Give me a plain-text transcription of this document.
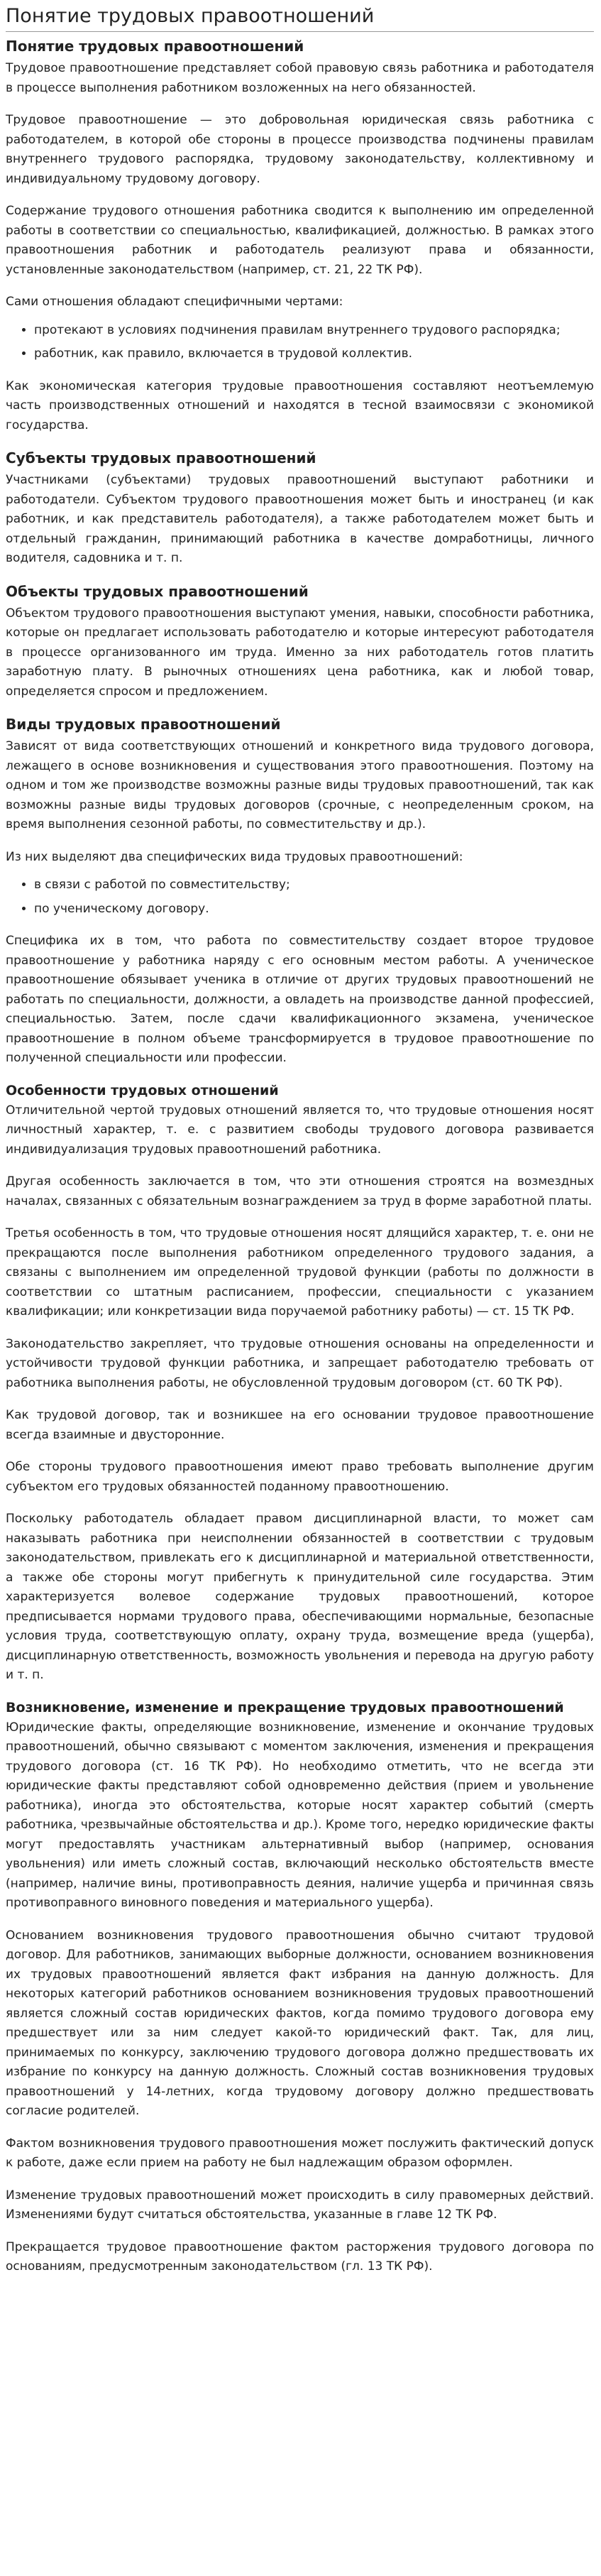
Понятие трудовых правоотношений
Понятие трудовых правоотношений

Трудовое правоотношение представляет собой правовую связь работника и работодателя в процессе выполнения работником возложенных на него обязанностей.

Трудовое правоотношение — это добровольная юридическая связь работника с работодателем, в которой обе стороны в процессе производства подчинены правилам внутреннего трудового распорядка, трудовому законодательству, коллективному и индивидуальному трудовому договору.

Содержание трудового отношения работника сводится к выполнению им определенной работы в соответствии со специальностью, квалификацией, должностью. В рамках этого правоотношения работник и работодатель реализуют права и обязанности, установленные законодательством (например, ст. 21, 22 ТК РФ).

Сами отношения обладают специфичными чертами:

• протекают в условиях подчинения правилам внутреннего трудового распорядка;
• работник, как правило, включается в трудовой коллектив.

Как экономическая категория трудовые правоотношения составляют неотъемлемую часть производственных отношений и находятся в тесной взаимосвязи с экономикой государства.

Субъекты трудовых правоотношений

Участниками (субъектами) трудовых правоотношений выступают работники и работодатели. Субъектом трудового правоотношения может быть и иностранец (и как работник, и как представитель работодателя), а также работодателем может быть и отдельный гражданин, принимающий работника в качестве домработницы, личного водителя, садовника и т. п.

Объекты трудовых правоотношений

Объектом трудового правоотношения выступают умения, навыки, способности работника, которые он предлагает использовать работодателю и которые интересуют работодателя в процессе организованного им труда. Именно за них работодатель готов платить заработную плату. В рыночных отношениях цена работника, как и любой товар, определяется спросом и предложением.

Виды трудовых правоотношений

Зависят от вида соответствующих отношений и конкретного вида трудового договора, лежащего в основе возникновения и существования этого правоотношения. Поэтому на одном и том же производстве возможны разные виды трудовых правоотношений, так как возможны разные виды трудовых договоров (срочные, с неопределенным сроком, на время выполнения сезонной работы, по совместительству и др.).

Из них выделяют два специфических вида трудовых правоотношений:

• в связи с работой по совместительству;
• по ученическому договору.

Специфика их в том, что работа по совместительству создает второе трудовое правоотношение у работника наряду с его основным местом работы. А ученическое правоотношение обязывает ученика в отличие от других трудовых правоотношений не работать по специальности, должности, а овладеть на производстве данной профессией, специальностью. Затем, после сдачи квалификационного экзамена, ученическое правоотношение в полном объеме трансформируется в трудовое правоотношение по полученной специальности или профессии.

Особенности трудовых отношений

Отличительной чертой трудовых отношений является то, что трудовые отношения носят личностный характер, т. е. с развитием свободы трудового договора развивается индивидуализация трудовых правоотношений работника.

Другая особенность заключается в том, что эти отношения строятся на возмездных началах, связанных с обязательным вознаграждением за труд в форме заработной платы.

Третья особенность в том, что трудовые отношения носят длящийся характер, т. е. они не прекращаются после выполнения работником определенного трудового задания, а связаны с выполнением им определенной трудовой функции (работы по должности в соответствии со штатным расписанием, профессии, специальности с указанием квалификации; или конкретизации вида поручаемой работнику работы) — ст. 15 ТК РФ.

Законодательство закрепляет, что трудовые отношения основаны на определенности и устойчивости трудовой функции работника, и запрещает работодателю требовать от работника выполнения работы, не обусловленной трудовым договором (ст. 60 ТК РФ).

Как трудовой договор, так и возникшее на его основании трудовое правоотношение всегда взаимные и двусторонние.

Обе стороны трудового правоотношения имеют право требовать выполнение другим субъектом его трудовых обязанностей поданному правоотношению.

Поскольку работодатель обладает правом дисциплинарной власти, то может сам наказывать работника при неисполнении обязанностей в соответствии с трудовым законодательством, привлекать его к дисциплинарной и материальной ответственности, а также обе стороны могут прибегнуть к принудительной силе государства. Этим характеризуется волевое содержание трудовых правоотношений, которое предписывается нормами трудового права, обеспечивающими нормальные, безопасные условия труда, соответствующую оплату, охрану труда, возмещение вреда (ущерба), дисциплинарную ответственность, возможность увольнения и перевода на другую работу и т. п.

Возникновение, изменение и прекращение трудовых правоотношений

Юридические факты, определяющие возникновение, изменение и окончание трудовых правоотношений, обычно связывают с моментом заключения, изменения и прекращения трудового договора (ст. 16 ТК РФ). Но необходимо отметить, что не всегда эти юридические факты представляют собой одновременно действия (прием и увольнение работника), иногда это обстоятельства, которые носят характер событий (смерть работника, чрезвычайные обстоятельства и др.). Кроме того, нередко юридические факты могут предоставлять участникам альтернативный выбор (например, основания увольнения) или иметь сложный состав, включающий несколько обстоятельств вместе (например, наличие вины, противоправность деяния, наличие ущерба и причинная связь противоправного виновного поведения и материального ущерба).

Основанием возникновения трудового правоотношения обычно считают трудовой договор. Для работников, занимающих выборные должности, основанием возникновения их трудовых правоотношений является факт избрания на данную должность. Для некоторых категорий работников основанием возникновения трудовых правоотношений является сложный состав юридических фактов, когда помимо трудового договора ему предшествует или за ним следует какой-то юридический факт. Так, для лиц, принимаемых по конкурсу, заключению трудового договора должно предшествовать их избрание по конкурсу на данную должность. Сложный состав возникновения трудовых правоотношений у 14-летних, когда трудовому договору должно предшествовать согласие родителей.

Фактом возникновения трудового правоотношения может послужить фактический допуск к работе, даже если прием на работу не был надлежащим образом оформлен.

Изменение трудовых правоотношений может происходить в силу правомерных действий. Изменениями будут считаться обстоятельства, указанные в главе 12 ТК РФ.

Прекращается трудовое правоотношение фактом расторжения трудового договора по основаниям, предусмотренным законодательством (гл. 13 ТК РФ).
